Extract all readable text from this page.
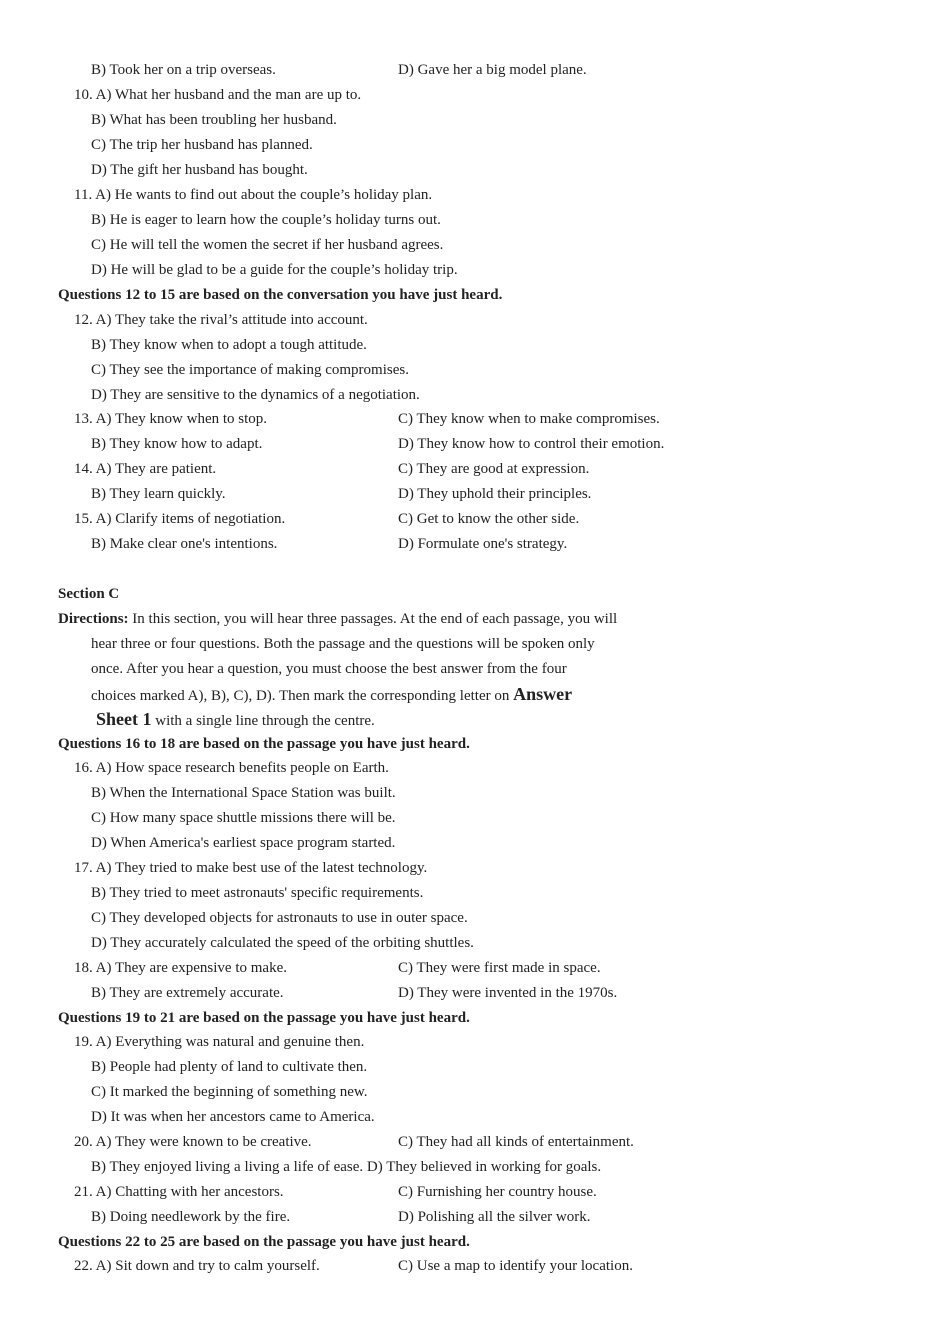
B) Took her on a trip overseas.	D) Gave her a big model plane.
10. A) What her husband and the man are up to.
B) What has been troubling her husband.
C) The trip her husband has planned.
D) The gift her husband has bought.
11. A) He wants to find out about the couple’s holiday plan.
B) He is eager to learn how the couple’s holiday turns out.
C) He will tell the women the secret if her husband agrees.
D) He will be glad to be a guide for the couple’s holiday trip.
Questions 12 to 15 are based on the conversation you have just heard.
12. A) They take the rival’s attitude into account.
B) They know when to adopt a tough attitude.
C) They see the importance of making compromises.
D) They are sensitive to the dynamics of a negotiation.
13. A) They know when to stop.	C) They know when to make compromises.
B) They know how to adapt.	D) They know how to control their emotion.
14. A) They are patient.	C) They are good at expression.
B) They learn quickly.	D) They uphold their principles.
15. A) Clarify items of negotiation.	C) Get to know the other side.
B) Make clear one's intentions.	D) Formulate one's strategy.
Section C
Directions: In this section, you will hear three passages. At the end of each passage, you will
hear three or four questions. Both the passage and the questions will be spoken only
once. After you hear a question, you must choose the best answer from the four
choices marked A), B), C), D). Then mark the corresponding letter on Answer
Sheet 1 with a single line through the centre.
Questions 16 to 18 are based on the passage you have just heard.
16. A) How space research benefits people on Earth.
B) When the International Space Station was built.
C) How many space shuttle missions there will be.
D) When America's earliest space program started.
17. A) They tried to make best use of the latest technology.
B) They tried to meet astronauts' specific requirements.
C) They developed objects for astronauts to use in outer space.
D) They accurately calculated the speed of the orbiting shuttles.
18. A) They are expensive to make.	C) They were first made in space.
B) They are extremely accurate.	D) They were invented in the 1970s.
Questions 19 to 21 are based on the passage you have just heard.
19. A) Everything was natural and genuine then.
B) People had plenty of land to cultivate then.
C) It marked the beginning of something new.
D) It was when her ancestors came to America.
20. A) They were known to be creative.	C) They had all kinds of entertainment.
B) They enjoyed living a living a life of ease. D) They believed in working for goals.
21. A) Chatting with her ancestors.	C) Furnishing her country house.
B) Doing needlework by the fire.	D) Polishing all the silver work.
Questions 22 to 25 are based on the passage you have just heard.
22. A) Sit down and try to calm yourself.	C) Use a map to identify your location.
